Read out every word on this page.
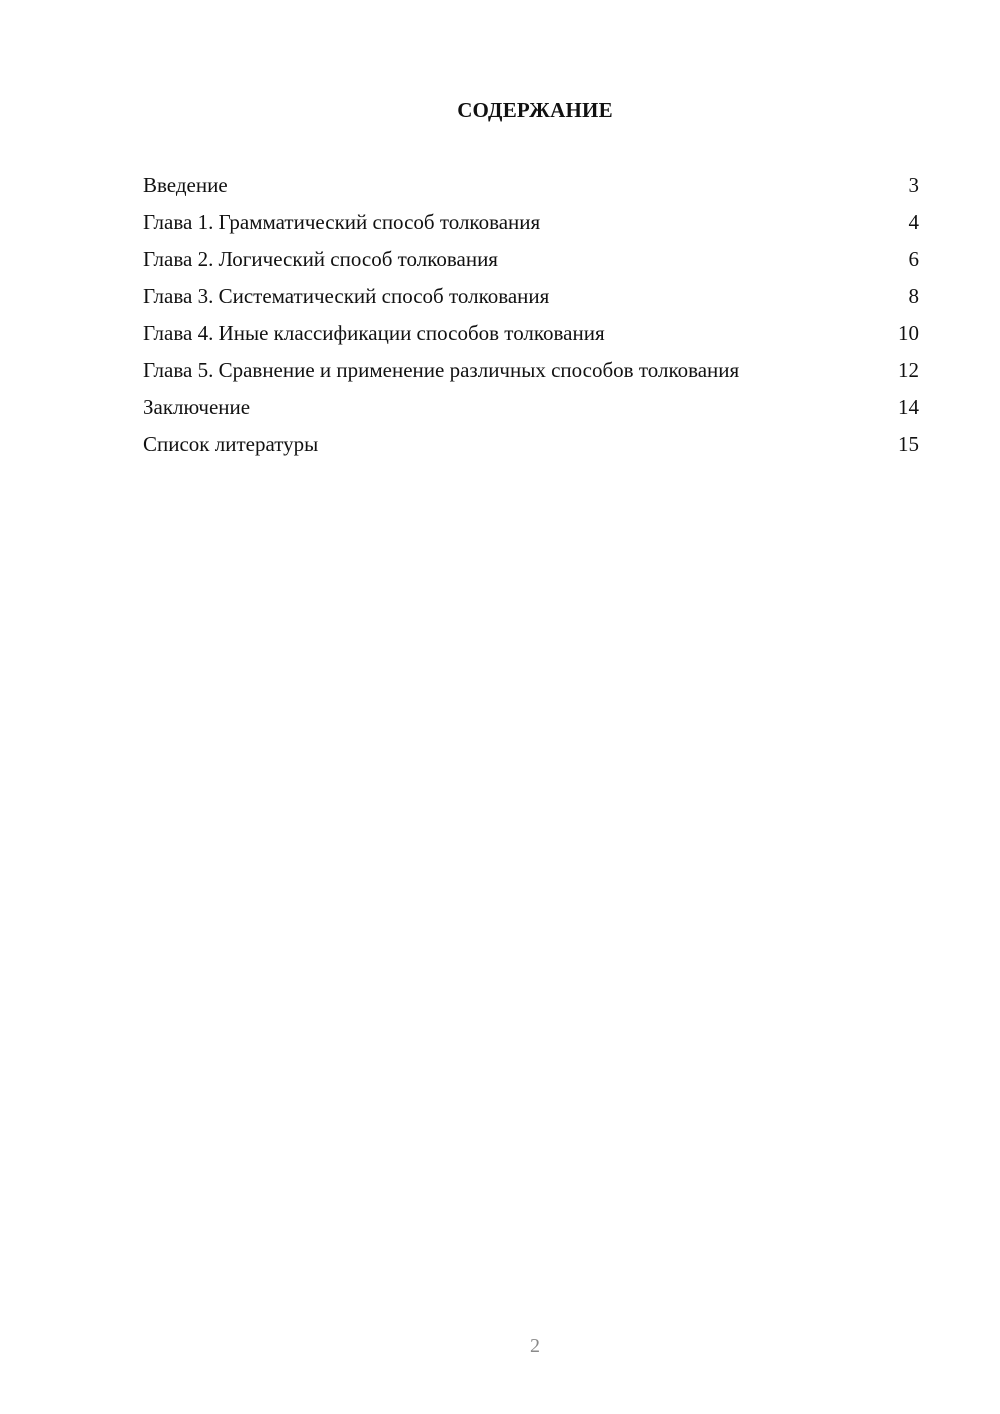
СОДЕРЖАНИЕ
Введение	3
Глава 1. Грамматический способ толкования	4
Глава 2. Логический способ толкования	6
Глава 3. Систематический способ толкования	8
Глава 4. Иные классификации способов толкования	10
Глава 5. Сравнение и применение различных способов толкования	12
Заключение	14
Список литературы	15
2
